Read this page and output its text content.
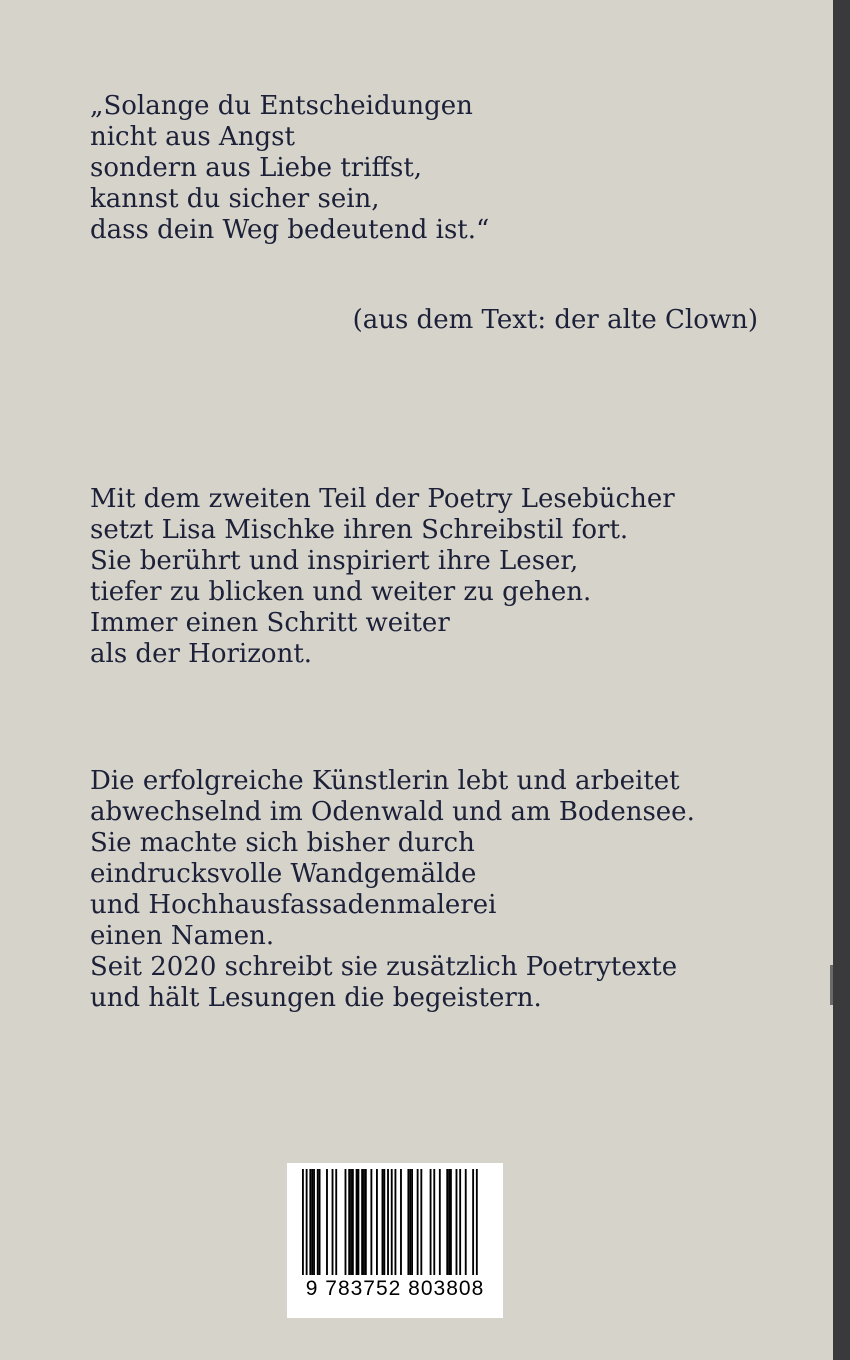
„Solange du Entscheidungen
nicht aus Angst
sondern aus Liebe triffst,
kannst du sicher sein,
dass dein Weg bedeutend ist.“
(aus dem Text: der alte Clown)
Mit dem zweiten Teil der Poetry Lesebücher
setzt Lisa Mischke ihren Schreibstil fort.
Sie berührt und inspiriert ihre Leser,
tiefer zu blicken und weiter zu gehen.
Immer einen Schritt weiter
als der Horizont.
Die erfolgreiche Künstlerin lebt und arbeitet
abwechselnd im Odenwald und am Bodensee.
Sie machte sich bisher durch
eindrucksvolle Wandgemälde
und Hochhausfassadenmalerei
einen Namen.
Seit 2020 schreibt sie zusätzlich Poetrytexte
und hält Lesungen die begeistern.
9 783752 803808
